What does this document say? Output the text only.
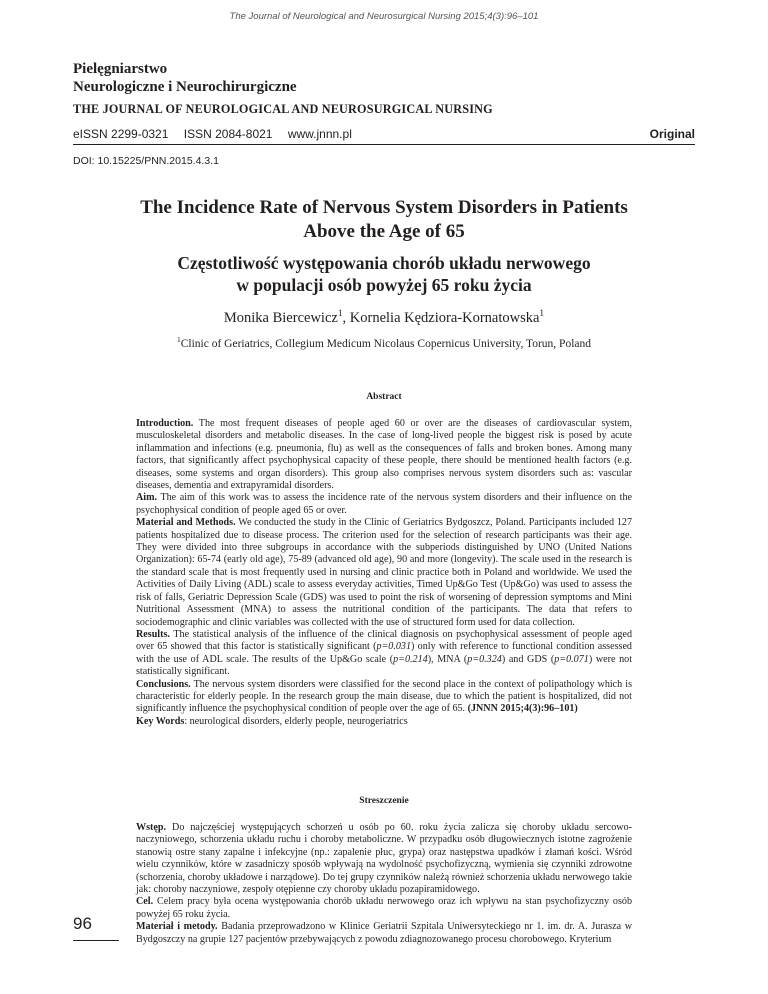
The Journal of Neurological and Neurosurgical Nursing 2015;4(3):96–101
Pielęgniarstwo
Neurologiczne i Neurochirurgiczne
THE JOURNAL OF NEUROLOGICAL AND NEUROSURGICAL NURSING
eISSN 2299-0321 ISSN 2084-8021 www.jnnn.pl	Original
DOI: 10.15225/PNN.2015.4.3.1
The Incidence Rate of Nervous System Disorders in Patients
Above the Age of 65
Częstotliwość występowania chorób układu nerwowego
w populacji osób powyżej 65 roku życia
Monika Biercewicz$^1$, Kornelia Kędziora-Kornatowska$^1$
$^1$Clinic of Geriatrics, Collegium Medicum Nicolaus Copernicus University, Torun, Poland
Abstract

Introduction. The most frequent diseases of people aged 60 or over are the diseases of cardiovascular system, musculoskeletal disorders and metabolic diseases. In the case of long-lived people the biggest risk is posed by acute inflammation and infections (e.g. pneumonia, flu) as well as the consequences of falls and broken bones. Among many factors, that significantly affect psychophysical capacity of these people, there should be mentioned health factors (e.g. diseases, some systems and organ disorders). This group also comprises nervous system disorders such as: vascular diseases, dementia and extrapyramidal disorders.

Aim. The aim of this work was to assess the incidence rate of the nervous system disorders and their influence on the psychophysical condition of people aged 65 or over.

Material and Methods. We conducted the study in the Clinic of Geriatrics Bydgoszcz, Poland. Participants included 127 patients hospitalized due to disease process. The criterion used for the selection of research participants was their age. They were divided into three subgroups in accordance with the subperiods distinguished by UNO (United Nations Organization): 65-74 (early old age), 75-89 (advanced old age), 90 and more (longevity). The scale used in the research is the standard scale that is most frequently used in nursing and clinic practice both in Poland and worldwide. We used the Activities of Daily Living (ADL) scale to assess everyday activities, Timed Up&Go Test (Up&Go) was used to assess the risk of falls, Geriatric Depression Scale (GDS) was used to point the risk of worsening of depression symptoms and Mini Nutritional Assessment (MNA) to assess the nutritional condition of the participants. The data that refers to sociodemographic and clinic variables was collected with the use of structured form used for data collection.

Results. The statistical analysis of the influence of the clinical diagnosis on psychophysical assessment of people aged over 65 showed that this factor is statistically significant (p=0.031) only with reference to functional condition assessed with the use of ADL scale. The results of the Up&Go scale (p=0.214), MNA (p=0.324) and GDS (p=0.071) were not statistically significant.

Conclusions. The nervous system disorders were classified for the second place in the context of polipathology which is characteristic for elderly people. In the research group the main disease, due to which the patient is hospitalized, did not significantly influence the psychophysical condition of people over the age of 65. (JNNN 2015;4(3):96–101)

Key Words: neurological disorders, elderly people, neurogeriatrics

Streszczenie

Wstęp. Do najczęściej występujących schorzeń u osób po 60. roku życia zalicza się choroby układu sercowo-naczyniowego, schorzenia układu ruchu i choroby metaboliczne. W przypadku osób długowiecznych istotne zagrożenie stanowią ostre stany zapalne i infekcyjne (np.: zapalenie płuc, grypa) oraz następstwa upadków i złamań kości. Wśród wielu czynników, które w zasadniczy sposób wpływają na wydolność psychofizyczną, wymienia się czynniki zdrowotne (schorzenia, choroby układowe i narządowe). Do tej grupy czynników należą również schorzenia układu nerwowego takie jak: choroby naczyniowe, zespoły otępienne czy choroby układu pozapiramidowego.

Cel. Celem pracy była ocena występowania chorób układu nerwowego oraz ich wpływu na stan psychofizyczny osób powyżej 65 roku życia.

Materiał i metody. Badania przeprowadzono w Klinice Geriatrii Szpitala Uniwersyteckiego nr 1. im. dr. A. Jurasza w Bydgoszczy na grupie 127 pacjentów przebywających z powodu zdiagnozowanego procesu chorobowego. Kryterium

96
